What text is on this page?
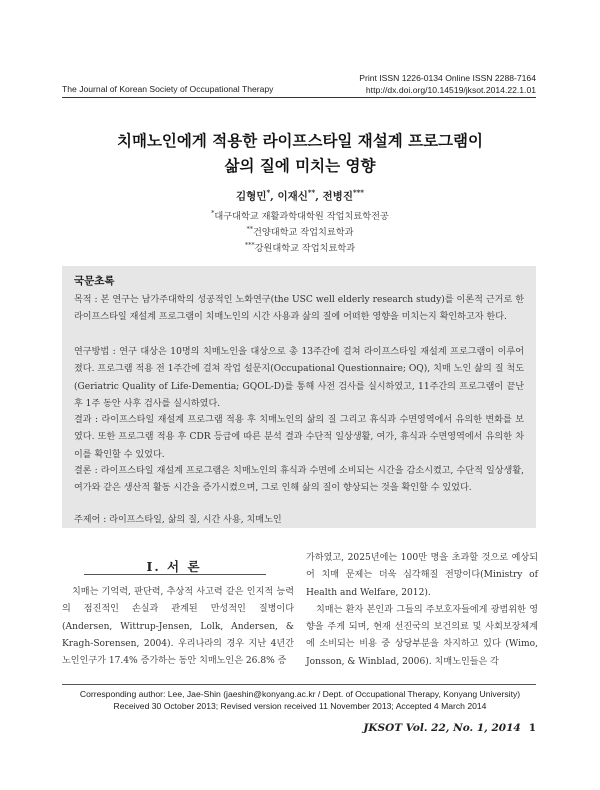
Print ISSN 1226-0134 Online ISSN 2288-7164
http://dx.doi.org/10.14519/jksot.2014.22.1.01
The Journal of Korean Society of Occupational Therapy
치매노인에게 적용한 라이프스타일 재설계 프로그램이
삶의 질에 미치는 영향
김형민*, 이재신**, 전병진***
*대구대학교 재활과학대학원 작업치료학전공
**건양대학교 작업치료학과
***강원대학교 작업치료학과
국문초록
목적 : 본 연구는 남가주대학의 성공적인 노화연구(the USC well elderly research study)를 이론적 근거로 한 라이프스타일 재설계 프로그램이 치매노인의 시간 사용과 삶의 질에 어떠한 영향을 미치는지 확인하고자 한다.
연구방법 : 연구 대상은 10명의 치매노인을 대상으로 총 13주간에 걸쳐 라이프스타일 재설계 프로그램이 이루어졌다. 프로그램 적용 전 1주간에 걸쳐 작업 설문지(Occupational Questionnaire; OQ), 치매 노인 삶의 질 척도(Geriatric Quality of Life-Dementia; GQOL-D)를 통해 사전 검사를 실시하였고, 11주간의 프로그램이 끝난 후 1주 동안 사후 검사를 실시하였다.
결과 : 라이프스타일 재설계 프로그램 적용 후 치매노인의 삶의 질 그리고 휴식과 수면영역에서 유의한 변화를 보였다. 또한 프로그램 적용 후 CDR 등급에 따른 분석 결과 수단적 일상생활, 여가, 휴식과 수면영역에서 유의한 차이를 확인할 수 있었다.
결론 : 라이프스타일 재설계 프로그램은 치매노인의 휴식과 수면에 소비되는 시간을 감소시켰고, 수단적 일상생활, 여가와 같은 생산적 활동 시간을 증가시켰으며, 그로 인해 삶의 질이 향상되는 것을 확인할 수 있었다.
주제어 : 라이프스타일, 삶의 질, 시간 사용, 치매노인
Ⅰ. 서 론

치매는 기억력, 판단력, 추상적 사고력 같은 인지적 능력의 점진적인 손실과 관계된 만성적인 질병이다 (Andersen, Wittrup-Jensen, Lolk, Andersen, & Kragh-Sorensen, 2004). 우리나라의 경우 지난 4년간 노인인구가 17.4% 증가하는 동안 치매노인은 26.8% 증

가하였고, 2025년에는 100만 명을 초과할 것으로 예상되어 치매 문제는 더욱 심각해질 전망이다(Ministry of Health and Welfare, 2012).

치매는 환자 본인과 그들의 주보호자들에게 광범위한 영향을 주게 되며, 현재 선진국의 보건의료 및 사회보장체계에 소비되는 비용 중 상당부분을 차지하고 있다 (Wimo, Jonsson, & Winblad, 2006). 치매노인들은 각

Corresponding author: Lee, Jae-Shin (jaeshin@konyang.ac.kr / Dept. of Occupational Therapy, Konyang University)
Received 30 October 2013; Revised version received 11 November 2013; Accepted 4 March 2014
JKSOT Vol. 22, No. 1, 2014 1
